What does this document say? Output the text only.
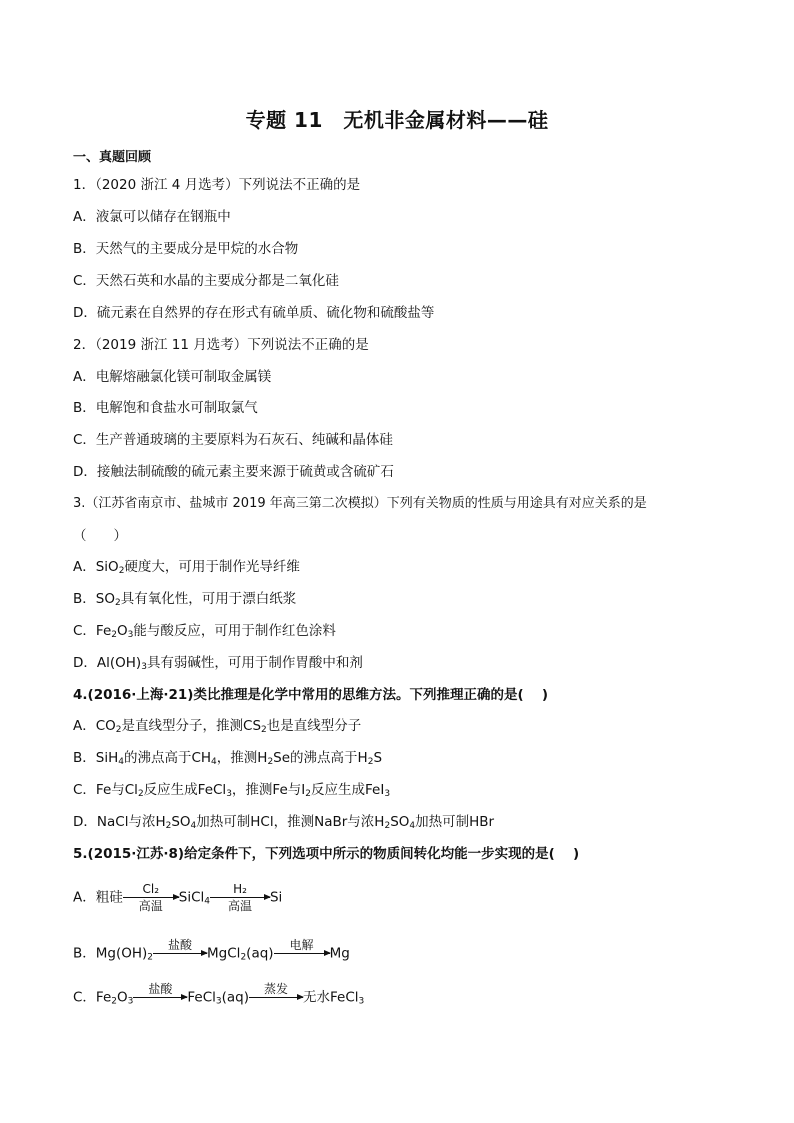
专题 11　无机非金属材料——硅
一、真题回顾
1．（2020 浙江 4 月选考）下列说法不正确的是
A．液氯可以储存在钢瓶中
B．天然气的主要成分是甲烷的水合物
C．天然石英和水晶的主要成分都是二氧化硅
D．硫元素在自然界的存在形式有硫单质、硫化物和硫酸盐等
2．（2019 浙江 11 月选考）下列说法不正确的是
A．电解熔融氯化镁可制取金属镁
B．电解饱和食盐水可制取氯气
C．生产普通玻璃的主要原料为石灰石、纯碱和晶体硅
D．接触法制硫酸的硫元素主要来源于硫黄或含硫矿石
3.（江苏省南京市、盐城市 2019 年高三第二次模拟）下列有关物质的性质与用途具有对应关系的是
（　　）
A．SiO$_2$硬度大，可用于制作光导纤维
B．$SO_2$具有氧化性，可用于漂白纸浆
C．$Fe_2O_3$能与酸反应，可用于制作红色涂料
D．$Al(OH)_3$具有弱碱性，可用于制作胃酸中和剂
4.(2016·上海·21)类比推理是化学中常用的思维方法。下列推理正确的是(　 )
A．$CO_2$是直线型分子，推测$CS_2$也是直线型分子
B．SiH$_4$的沸点高于$CH_4$，推测$H_2Se$的沸点高于$H_2S$
C．Fe与$Cl_2$反应生成FeCl$_3$，推测Fe与$I_2$反应生成FeI$_3$
D．NaCl与浓$H_2SO_4$加热可制HCl，推测NaBr与浓$H_2SO_4$加热可制HBr
5.(2015·江苏·8)给定条件下，下列选项中所示的物质间转化均能一步实现的是(　 )
A．粗硅
Cl₂
高温
SiCl$_4$
H₂
高温
Si
B．$Mg(OH)_2$
盐酸

MgCl$_2$(aq)
电解

Mg
C．$Fe_2O_3$
盐酸

FeCl$_3$(aq)
蒸发

无水FeCl$_3$
